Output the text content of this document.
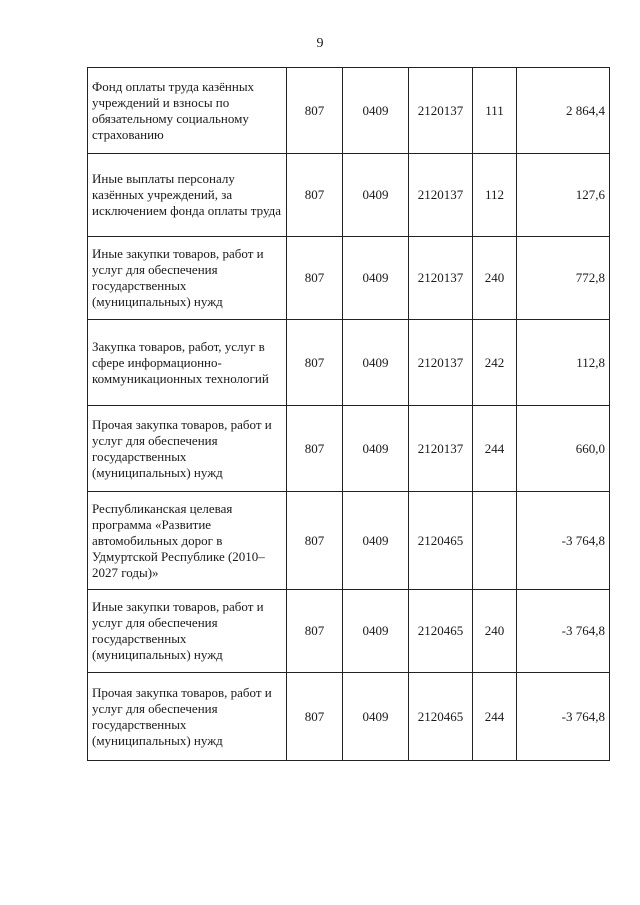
9
Фонд оплаты труда казённых учреждений и взносы по обязательному социальному страхованию	807	0409	2120137	111	2 864,4
Иные выплаты персоналу казённых учреждений, за исключением фонда оплаты труда	807	0409	2120137	112	127,6
Иные закупки товаров, работ и услуг для обеспечения государственных (муниципальных) нужд	807	0409	2120137	240	772,8
Закупка товаров, работ, услуг в сфере информационно-коммуникационных технологий	807	0409	2120137	242	112,8
Прочая закупка товаров, работ и услуг для обеспечения государственных (муниципальных) нужд	807	0409	2120137	244	660,0
Республиканская целевая программа «Развитие автомобильных дорог в Удмуртской Республике (2010–2027 годы)»	807	0409	2120465		-3 764,8
Иные закупки товаров, работ и услуг для обеспечения государственных (муниципальных) нужд	807	0409	2120465	240	-3 764,8
Прочая закупка товаров, работ и услуг для обеспечения государственных (муниципальных) нужд	807	0409	2120465	244	-3 764,8
